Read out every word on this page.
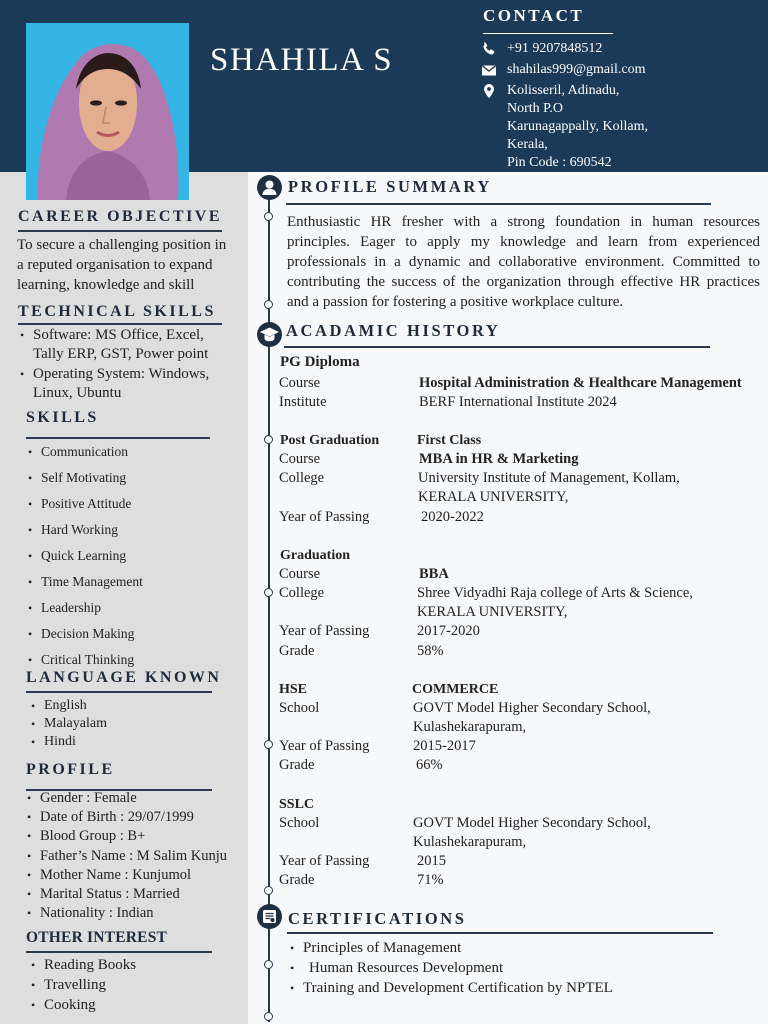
SHAHILA S
CONTACT
+91 9207848512
shahilas999@gmail.com
Kolisseril, Adinadu,
North P.O
Karunagappally, Kollam,
Kerala,
Pin Code : 690542
CAREER OBJECTIVE
To secure a challenging position in
a reputed organisation to expand
learning, knowledge and skill
TECHNICAL SKILLS
• Software: MS Office, Excel,
Tally ERP, GST, Power point
• Operating System: Windows,
Linux, Ubuntu
SKILLS
• Communication
• Self Motivating
• Positive Attitude
• Hard Working
• Quick Learning
• Time Management
• Leadership
• Decision Making
• Critical Thinking
LANGUAGE KNOWN
• English
• Malayalam
• Hindi
PROFILE
• Gender : Female
• Date of Birth : 29/07/1999
• Blood Group : B+
• Father’s Name : M Salim Kunju
• Mother Name : Kunjumol
• Marital Status : Married
• Nationality : Indian
OTHER INTEREST
• Reading Books
• Travelling
• Cooking
PROFILE SUMMARY
Enthusiastic HR fresher with a strong foundation in human resources principles. Eager to apply my knowledge and learn from experienced professionals in a dynamic and collaborative environment. Committed to contributing the success of the organization through effective HR practices and a passion for fostering a positive workplace culture.
ACADAMIC HISTORY
PG Diploma
Course	Hospital Administration & Healthcare Management
Institute	BERF International Institute 2024
Post Graduation	First Class
Course	MBA in HR & Marketing
College	University Institute of Management, Kollam,
KERALA UNIVERSITY,
Year of Passing	2020-2022
Graduation
Course	BBA
College	Shree Vidyadhi Raja college of Arts & Science,
KERALA UNIVERSITY,
Year of Passing	2017-2020
Grade	58%
HSE	COMMERCE
School	GOVT Model Higher Secondary School,
Kulashekarapuram,
Year of Passing	2015-2017
Grade	66%
SSLC
School	GOVT Model Higher Secondary School,
Kulashekarapuram,
Year of Passing	2015
Grade	71%
CERTIFICATIONS
• Principles of Management
• Human Resources Development
• Training and Development Certification by NPTEL
